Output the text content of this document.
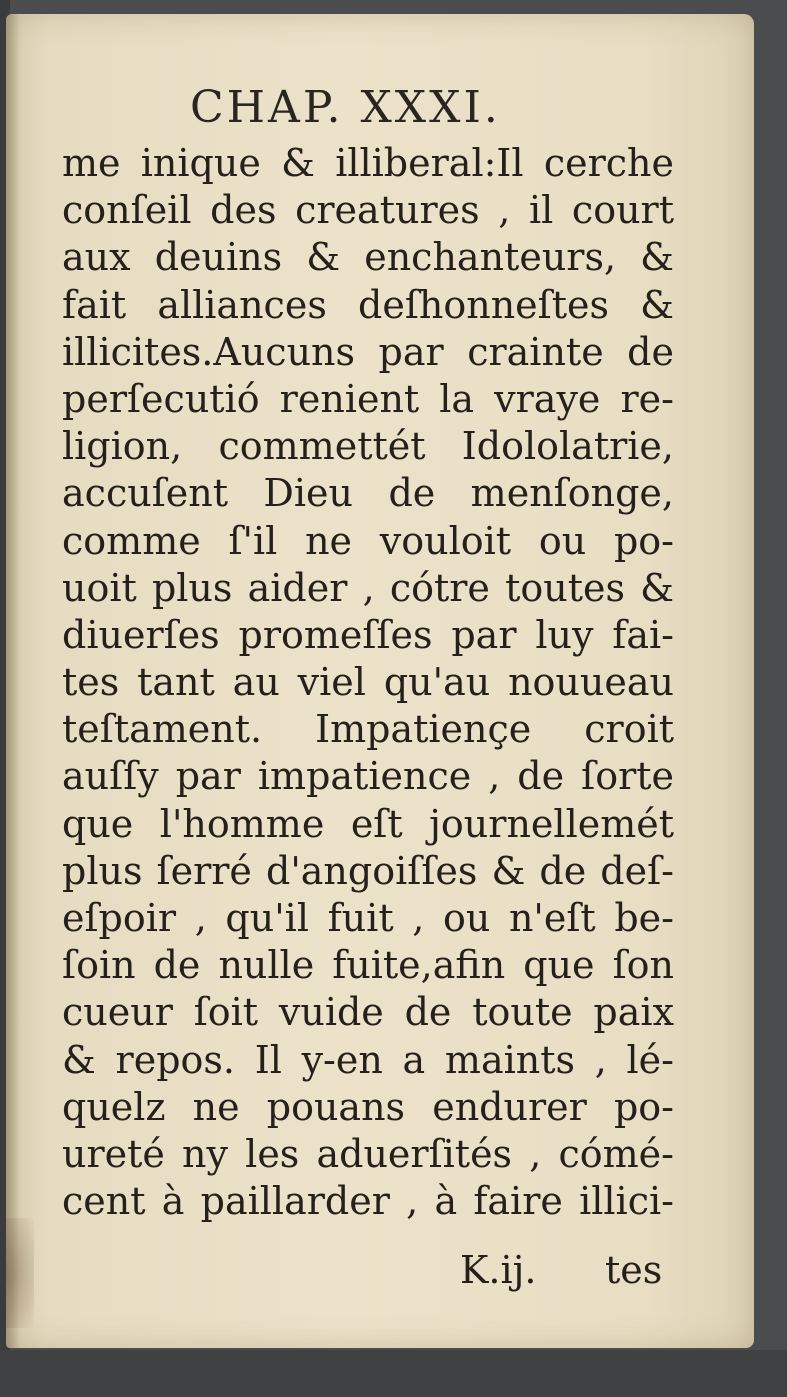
CHAP. XXXI.
me inique & illiberal:Il cerche
conſeil des creatures , il court
aux deuins & enchanteurs, &
fait alliances deſhonneſtes &
illicites.Aucuns par crainte de
perſecutió renient la vraye re-
ligion, commettét Idololatrie,
accuſent Dieu de menſonge,
comme ſ'il ne vouloit ou po-
uoit plus aider , cótre toutes &
diuerſes promeſſes par luy fai-
tes tant au viel qu'au nouueau
teſtament. Impatiençe croit
auſſy par impatience , de ſorte
que l'homme eſt journellemét
plus ſerré d'angoiſſes & de deſ-
eſpoir , qu'il fuit , ou n'eſt be-
ſoin de nulle fuite,afin que ſon
cueur ſoit vuide de toute paix
& repos. Il y-en a maints , lé-
quelz ne pouans endurer po-
ureté ny les aduerſités , cómé-
cent à paillarder , à faire illici-
K.ij. tes
